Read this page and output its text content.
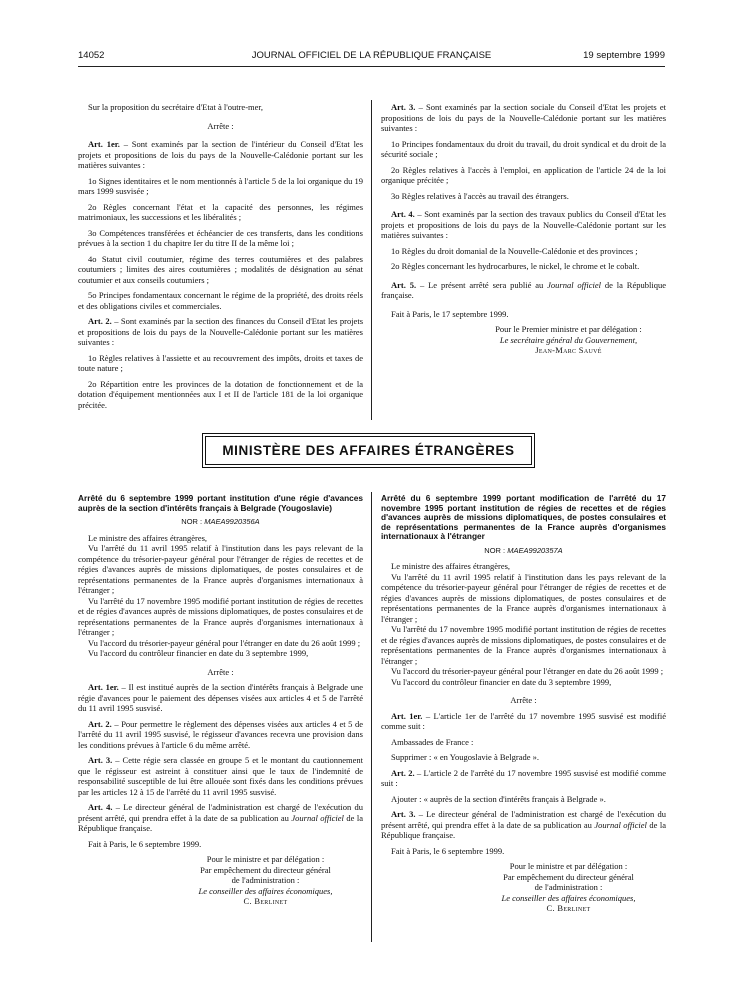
14052	JOURNAL OFFICIEL DE LA RÉPUBLIQUE FRANÇAISE	19 septembre 1999

Sur la proposition du secrétaire d'Etat à l'outre-mer,

Arrête :

Art. 1er. – Sont examinés par la section de l'intérieur du Conseil d'Etat les projets et propositions de lois du pays de la Nouvelle-Calédonie portant sur les matières suivantes :

1o Signes identitaires et le nom mentionnés à l'article 5 de la loi organique du 19 mars 1999 susvisée ;

2o Règles concernant l'état et la capacité des personnes, les régimes matrimoniaux, les successions et les libéralités ;

3o Compétences transférées et échéancier de ces transferts, dans les conditions prévues à la section 1 du chapitre Ier du titre II de la même loi ;

4o Statut civil coutumier, régime des terres coutumières et des palabres coutumiers ; limites des aires coutumières ; modalités de désignation au sénat coutumier et aux conseils coutumiers ;

5o Principes fondamentaux concernant le régime de la propriété, des droits réels et des obligations civiles et commerciales.

Art. 2. – Sont examinés par la section des finances du Conseil d'Etat les projets et propositions de lois du pays de la Nouvelle-Calédonie portant sur les matières suivantes :

1o Règles relatives à l'assiette et au recouvrement des impôts, droits et taxes de toute nature ;

2o Répartition entre les provinces de la dotation de fonctionnement et de la dotation d'équipement mentionnées aux I et II de l'article 181 de la loi organique précitée.

Art. 3. – Sont examinés par la section sociale du Conseil d'Etat les projets et propositions de lois du pays de la Nouvelle-Calédonie portant sur les matières suivantes :

1o Principes fondamentaux du droit du travail, du droit syndical et du droit de la sécurité sociale ;

2o Règles relatives à l'accès à l'emploi, en application de l'article 24 de la loi organique précitée ;

3o Règles relatives à l'accès au travail des étrangers.

Art. 4. – Sont examinés par la section des travaux publics du Conseil d'Etat les projets et propositions de lois du pays de la Nouvelle-Calédonie portant sur les matières suivantes :

1o Règles du droit domanial de la Nouvelle-Calédonie et des provinces ;

2o Règles concernant les hydrocarbures, le nickel, le chrome et le cobalt.

Art. 5. – Le présent arrêté sera publié au Journal officiel de la République française.

Fait à Paris, le 17 septembre 1999.

Pour le Premier ministre et par délégation :

Le secrétaire général du Gouvernement,

Jean-Marc Sauvé

MINISTÈRE DES AFFAIRES ÉTRANGÈRES

Arrêté du 6 septembre 1999 portant institution d'une régie d'avances auprès de la section d'intérêts français à Belgrade (Yougoslavie)

NOR : MAEA9920356A

Le ministre des affaires étrangères,

Vu l'arrêté du 11 avril 1995 relatif à l'institution dans les pays relevant de la compétence du trésorier-payeur général pour l'étranger de régies de recettes et de régies d'avances auprès de missions diplomatiques, de postes consulaires et de représentations permanentes de la France auprès d'organismes internationaux à l'étranger ;

Vu l'arrêté du 17 novembre 1995 modifié portant institution de régies de recettes et de régies d'avances auprès de missions diplomatiques, de postes consulaires et de représentations permanentes de la France auprès d'organismes internationaux à l'étranger ;

Vu l'accord du trésorier-payeur général pour l'étranger en date du 26 août 1999 ;

Vu l'accord du contrôleur financier en date du 3 septembre 1999,

Arrête :

Art. 1er. – Il est institué auprès de la section d'intérêts français à Belgrade une régie d'avances pour le paiement des dépenses visées aux articles 4 et 5 de l'arrêté du 11 avril 1995 susvisé.

Art. 2. – Pour permettre le règlement des dépenses visées aux articles 4 et 5 de l'arrêté du 11 avril 1995 susvisé, le régisseur d'avances recevra une provision dans les conditions prévues à l'article 6 du même arrêté.

Art. 3. – Cette régie sera classée en groupe 5 et le montant du cautionnement que le régisseur est astreint à constituer ainsi que le taux de l'indemnité de responsabilité susceptible de lui être allouée sont fixés dans les conditions prévues par les articles 12 à 15 de l'arrêté du 11 avril 1995 susvisé.

Art. 4. – Le directeur général de l'administration est chargé de l'exécution du présent arrêté, qui prendra effet à la date de sa publication au Journal officiel de la République française.

Fait à Paris, le 6 septembre 1999.

Pour le ministre et par délégation :

Par empêchement du directeur général

de l'administration :

Le conseiller des affaires économiques,

C. Berlinet

Arrêté du 6 septembre 1999 portant modification de l'arrêté du 17 novembre 1995 portant institution de régies de recettes et de régies d'avances auprès de missions diplomatiques, de postes consulaires et de représentations permanentes de la France auprès d'organismes internationaux à l'étranger

NOR : MAEA9920357A

Le ministre des affaires étrangères,

Vu l'arrêté du 11 avril 1995 relatif à l'institution dans les pays relevant de la compétence du trésorier-payeur général pour l'étranger de régies de recettes et de régies d'avances auprès de missions diplomatiques, de postes consulaires et de représentations permanentes de la France auprès d'organismes internationaux à l'étranger ;

Vu l'arrêté du 17 novembre 1995 modifié portant institution de régies de recettes et de régies d'avances auprès de missions diplomatiques, de postes consulaires et de représentations permanentes de la France auprès d'organismes internationaux à l'étranger ;

Vu l'accord du trésorier-payeur général pour l'étranger en date du 26 août 1999 ;

Vu l'accord du contrôleur financier en date du 3 septembre 1999,

Arrête :

Art. 1er. – L'article 1er de l'arrêté du 17 novembre 1995 susvisé est modifié comme suit :

Ambassades de France :

Supprimer : « en Yougoslavie à Belgrade ».

Art. 2. – L'article 2 de l'arrêté du 17 novembre 1995 susvisé est modifié comme suit :

Ajouter : « auprès de la section d'intérêts français à Belgrade ».

Art. 3. – Le directeur général de l'administration est chargé de l'exécution du présent arrêté, qui prendra effet à la date de sa publication au Journal officiel de la République française.

Fait à Paris, le 6 septembre 1999.

Pour le ministre et par délégation :

Par empêchement du directeur général

de l'administration :

Le conseiller des affaires économiques,

C. Berlinet
